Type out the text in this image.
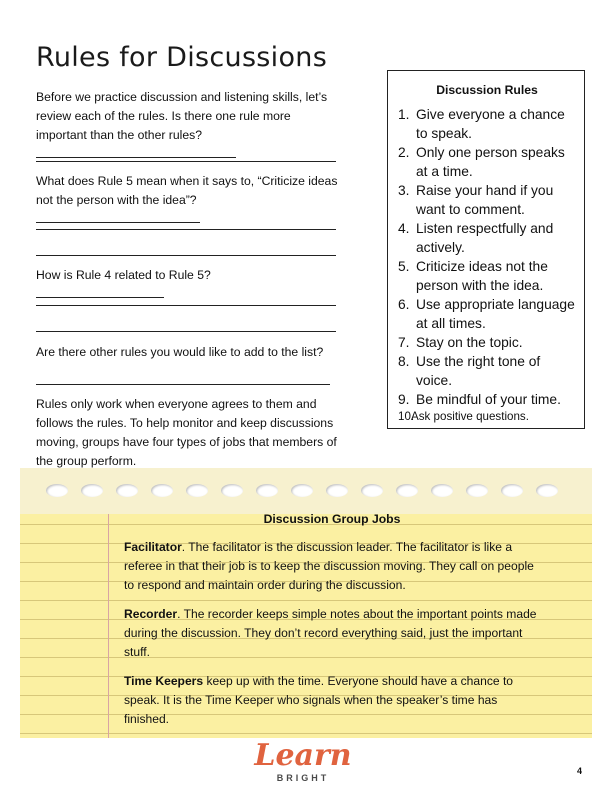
Rules for Discussions
Before we practice discussion and listening skills, let’s review each of the rules. Is there one rule more important than the other rules?
What does Rule 5 mean when it says to, “Criticize ideas not the person with the idea”?
How is Rule 4 related to Rule 5?
Are there other rules you would like to add to the list?
Rules only work when everyone agrees to them and follows the rules. To help monitor and keep discussions moving, groups have four types of jobs that members of the group perform.
Discussion Rules
1. Give everyone a chance to speak.
2. Only one person speaks at a time.
3. Raise your hand if you want to comment.
4. Listen respectfully and actively.
5. Criticize ideas not the person with the idea.
6. Use appropriate language at all times.
7. Stay on the topic.
8. Use the right tone of voice.
9. Be mindful of your time.
10.
Ask positive questions.
Discussion Group Jobs

Facilitator. The facilitator is the discussion leader. The facilitator is like a referee in that their job is to keep the discussion moving. They call on people to respond and maintain order during the discussion.

Recorder. The recorder keeps simple notes about the important points made during the discussion. They don’t record everything said, just the important stuff.

Time Keepers keep up with the time. Everyone should have a chance to speak. It is the Time Keeper who signals when the speaker’s time has finished.

Learn
BRIGHT
4
